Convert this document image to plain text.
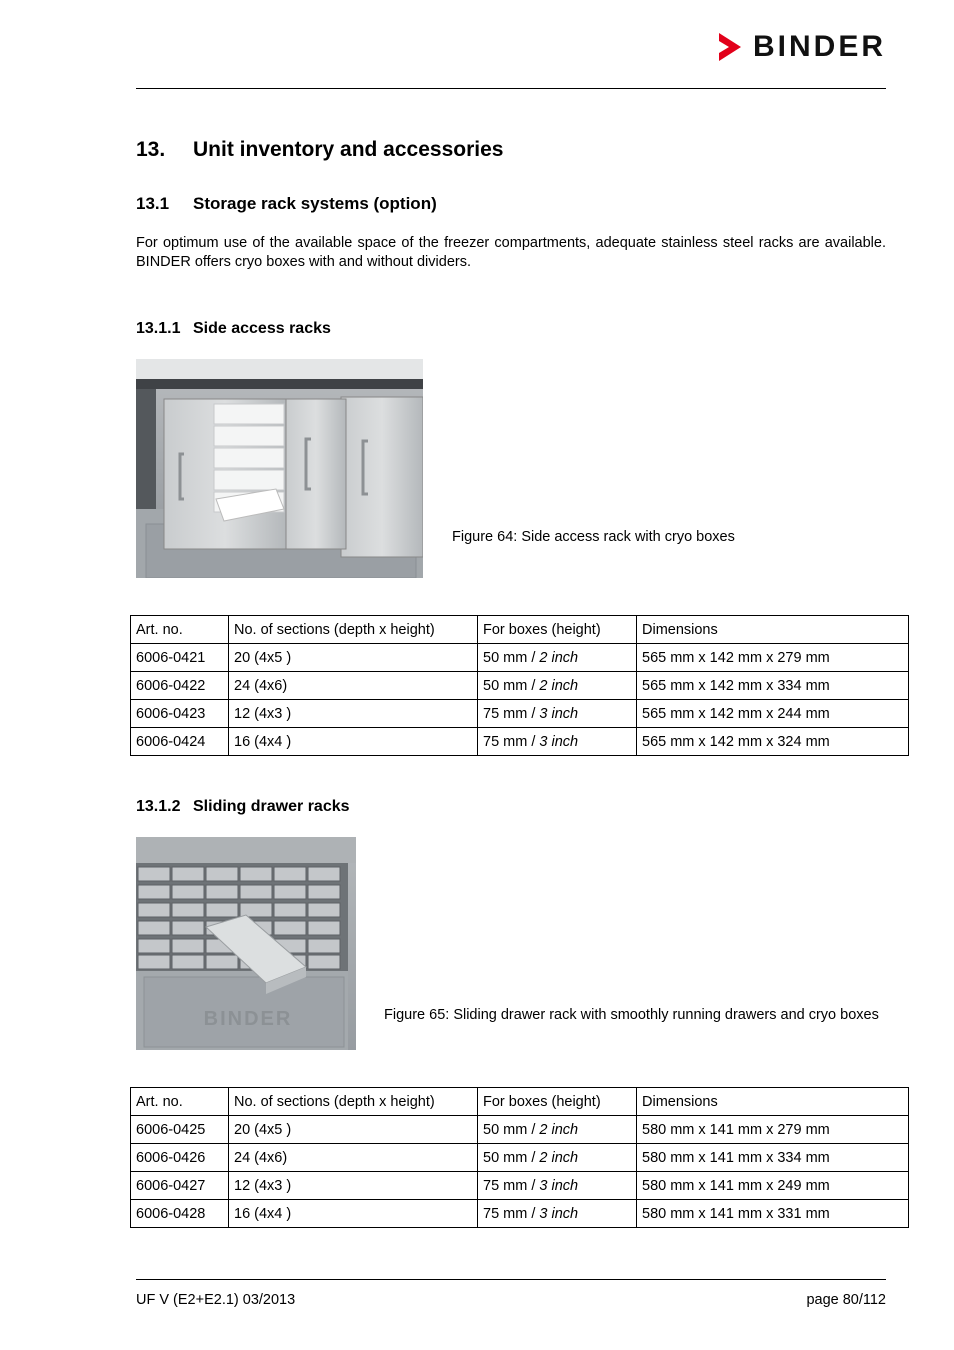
BINDER
13. Unit inventory and accessories
13.1 Storage rack systems (option)

For optimum use of the available space of the freezer compartments, adequate stainless steel racks are available. BINDER offers cryo boxes with and without dividers.

13.1.1 Side access racks

Figure 64: Side access rack with cryo boxes

Art. no.	No. of sections (depth x height)	For boxes (height)	Dimensions
6006-0421	20 (4x5 )	50 mm / 2 inch	565 mm x 142 mm x 279 mm
6006-0422	24 (4x6)	50 mm / 2 inch	565 mm x 142 mm x 334 mm
6006-0423	12 (4x3 )	75 mm / 3 inch	565 mm x 142 mm x 244 mm
6006-0424	16 (4x4 )	75 mm / 3 inch	565 mm x 142 mm x 324 mm
13.1.2 Sliding drawer racks
BINDER	Figure 65: Sliding drawer rack with smoothly running drawers and cryo boxes

Art. no.	No. of sections (depth x height)	For boxes (height)	Dimensions
6006-0425	20 (4x5 )	50 mm / 2 inch	580 mm x 141 mm x 279 mm
6006-0426	24 (4x6)	50 mm / 2 inch	580 mm x 141 mm x 334 mm
6006-0427	12 (4x3 )	75 mm / 3 inch	580 mm x 141 mm x 249 mm
6006-0428	16 (4x4 )	75 mm / 3 inch	580 mm x 141 mm x 331 mm
UF V (E2+E2.1) 03/2013	page 80/112
